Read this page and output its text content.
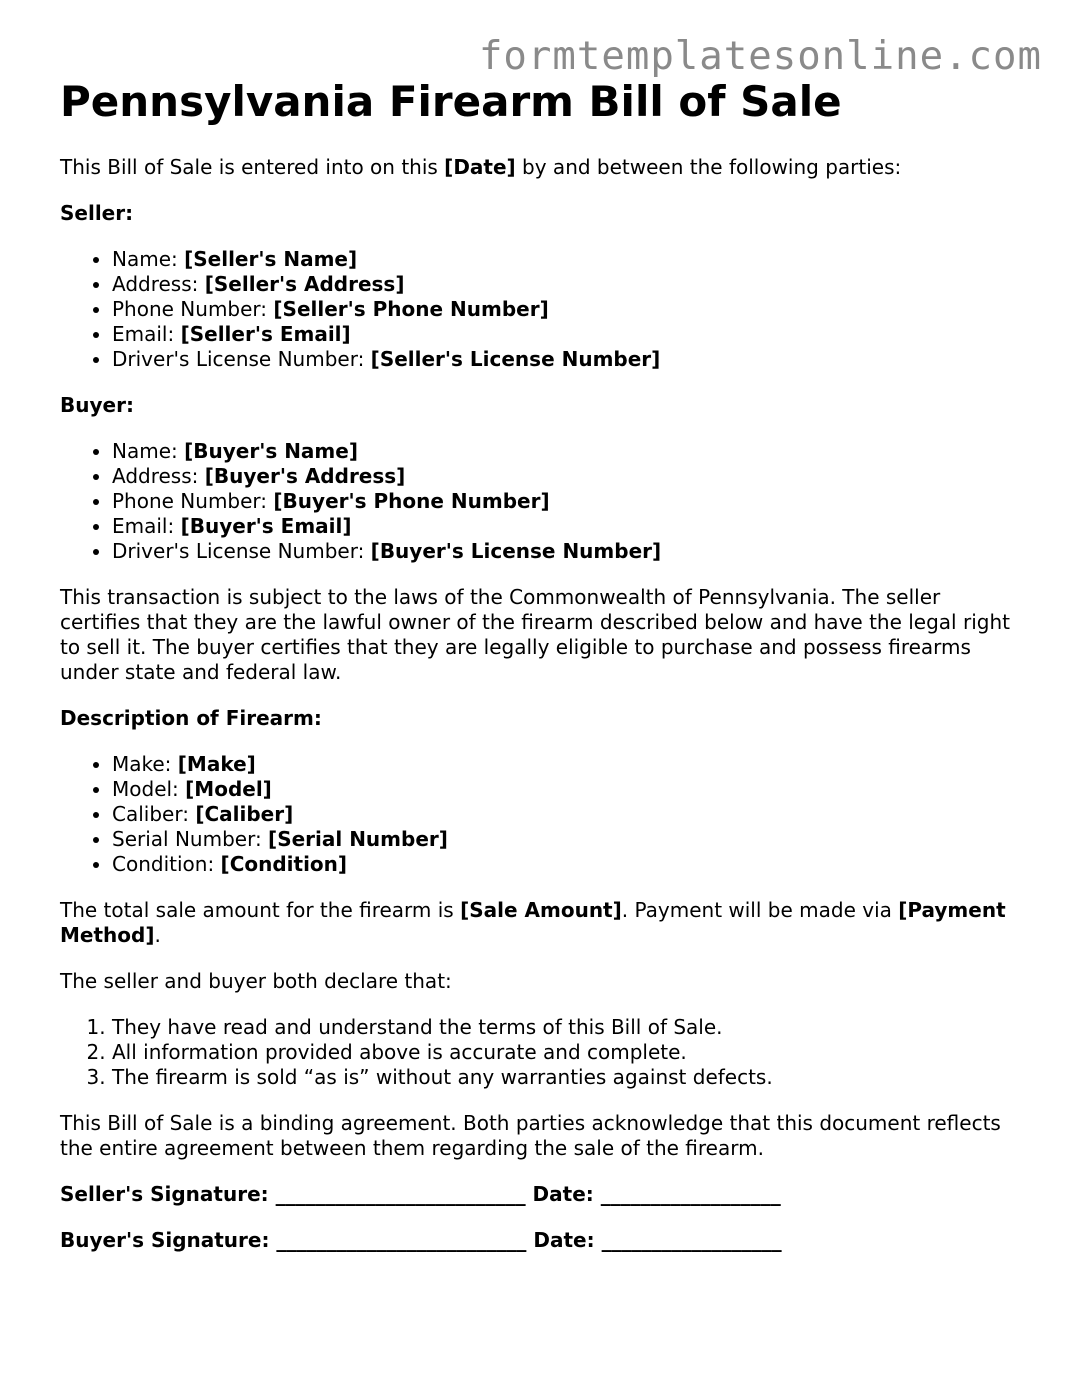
formtemplatesonline.com
Pennsylvania Firearm Bill of Sale

This Bill of Sale is entered into on this [Date] by and between the following parties:

Seller:

• Name: [Seller's Name]
• Address: [Seller's Address]
• Phone Number: [Seller's Phone Number]
• Email: [Seller's Email]
• Driver's License Number: [Seller's License Number]

Buyer:

• Name: [Buyer's Name]
• Address: [Buyer's Address]
• Phone Number: [Buyer's Phone Number]
• Email: [Buyer's Email]
• Driver's License Number: [Buyer's License Number]

This transaction is subject to the laws of the Commonwealth of Pennsylvania. The seller certifies that they are the lawful owner of the firearm described below and have the legal right to sell it. The buyer certifies that they are legally eligible to purchase and possess firearms under state and federal law.

Description of Firearm:

• Make: [Make]
• Model: [Model]
• Caliber: [Caliber]
• Serial Number: [Serial Number]
• Condition: [Condition]

The total sale amount for the firearm is [Sale Amount]. Payment will be made via [Payment Method].

The seller and buyer both declare that:

1. They have read and understand the terms of this Bill of Sale.
2. All information provided above is accurate and complete.
3. The firearm is sold “as is” without any warranties against defects.

This Bill of Sale is a binding agreement. Both parties acknowledge that this document reflects the entire agreement between them regarding the sale of the firearm.

Seller's Signature: _________________________ Date: __________________

Buyer's Signature: _________________________ Date: __________________
